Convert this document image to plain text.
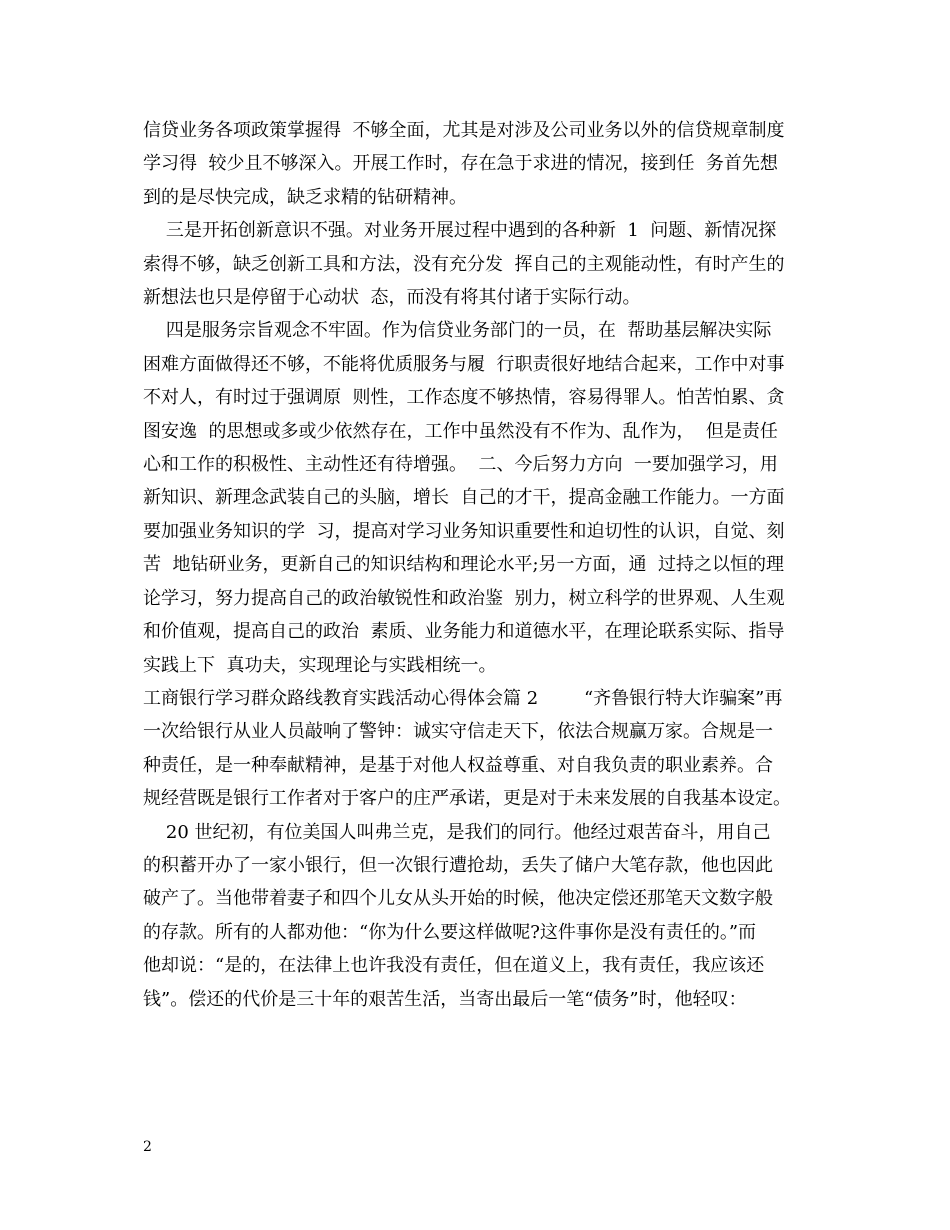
信贷业务各项政策掌握得  不够全面，尤其是对涉及公司业务以外的信贷规章制度
学习得  较少且不够深入。开展工作时，存在急于求进的情况，接到任  务首先想
到的是尽快完成，缺乏求精的钻研精神。
三是开拓创新意识不强。对业务开展过程中遇到的各种新  1  问题、新情况探
索得不够，缺乏创新工具和方法，没有充分发  挥自己的主观能动性，有时产生的
新想法也只是停留于心动状  态，而没有将其付诸于实际行动。
四是服务宗旨观念不牢固。作为信贷业务部门的一员，在  帮助基层解决实际
困难方面做得还不够，不能将优质服务与履  行职责很好地结合起来，工作中对事
不对人，有时过于强调原  则性，工作态度不够热情，容易得罪人。怕苦怕累、贪
图安逸  的思想或多或少依然存在，工作中虽然没有不作为、乱作为，  但是责任
心和工作的积极性、主动性还有待增强。  二、今后努力方向  一要加强学习，用
新知识、新理念武装自己的头脑，增长  自己的才干，提高金融工作能力。一方面
要加强业务知识的学  习，提高对学习业务知识重要性和迫切性的认识，自觉、刻
苦  地钻研业务，更新自己的知识结构和理论水平;另一方面，通  过持之以恒的理
论学习，努力提高自己的政治敏锐性和政治鉴  别力，树立科学的世界观、人生观
和价值观，提高自己的政治  素质、业务能力和道德水平，在理论联系实际、指导
实践上下  真功夫，实现理论与实践相统一。
工商银行学习群众路线教育实践活动心得体会篇 2        “齐鲁银行特大诈骗案”再
一次给银行从业人员敲响了警钟：诚实守信走天下，依法合规赢万家。合规是一
种责任，是一种奉献精神，是基于对他人权益尊重、对自我负责的职业素养。合
规经营既是银行工作者对于客户的庄严承诺，更是对于未来发展的自我基本设定。
20 世纪初，有位美国人叫弗兰克，是我们的同行。他经过艰苦奋斗，用自己
的积蓄开办了一家小银行，但一次银行遭抢劫，丢失了储户大笔存款，他也因此
破产了。当他带着妻子和四个儿女从头开始的时候，他决定偿还那笔天文数字般
的存款。所有的人都劝他：“你为什么要这样做呢?这件事你是没有责任的。”而
他却说：“是的，在法律上也许我没有责任，但在道义上，我有责任，我应该还
钱”。偿还的代价是三十年的艰苦生活，当寄出最后一笔“债务”时，他轻叹：
2
